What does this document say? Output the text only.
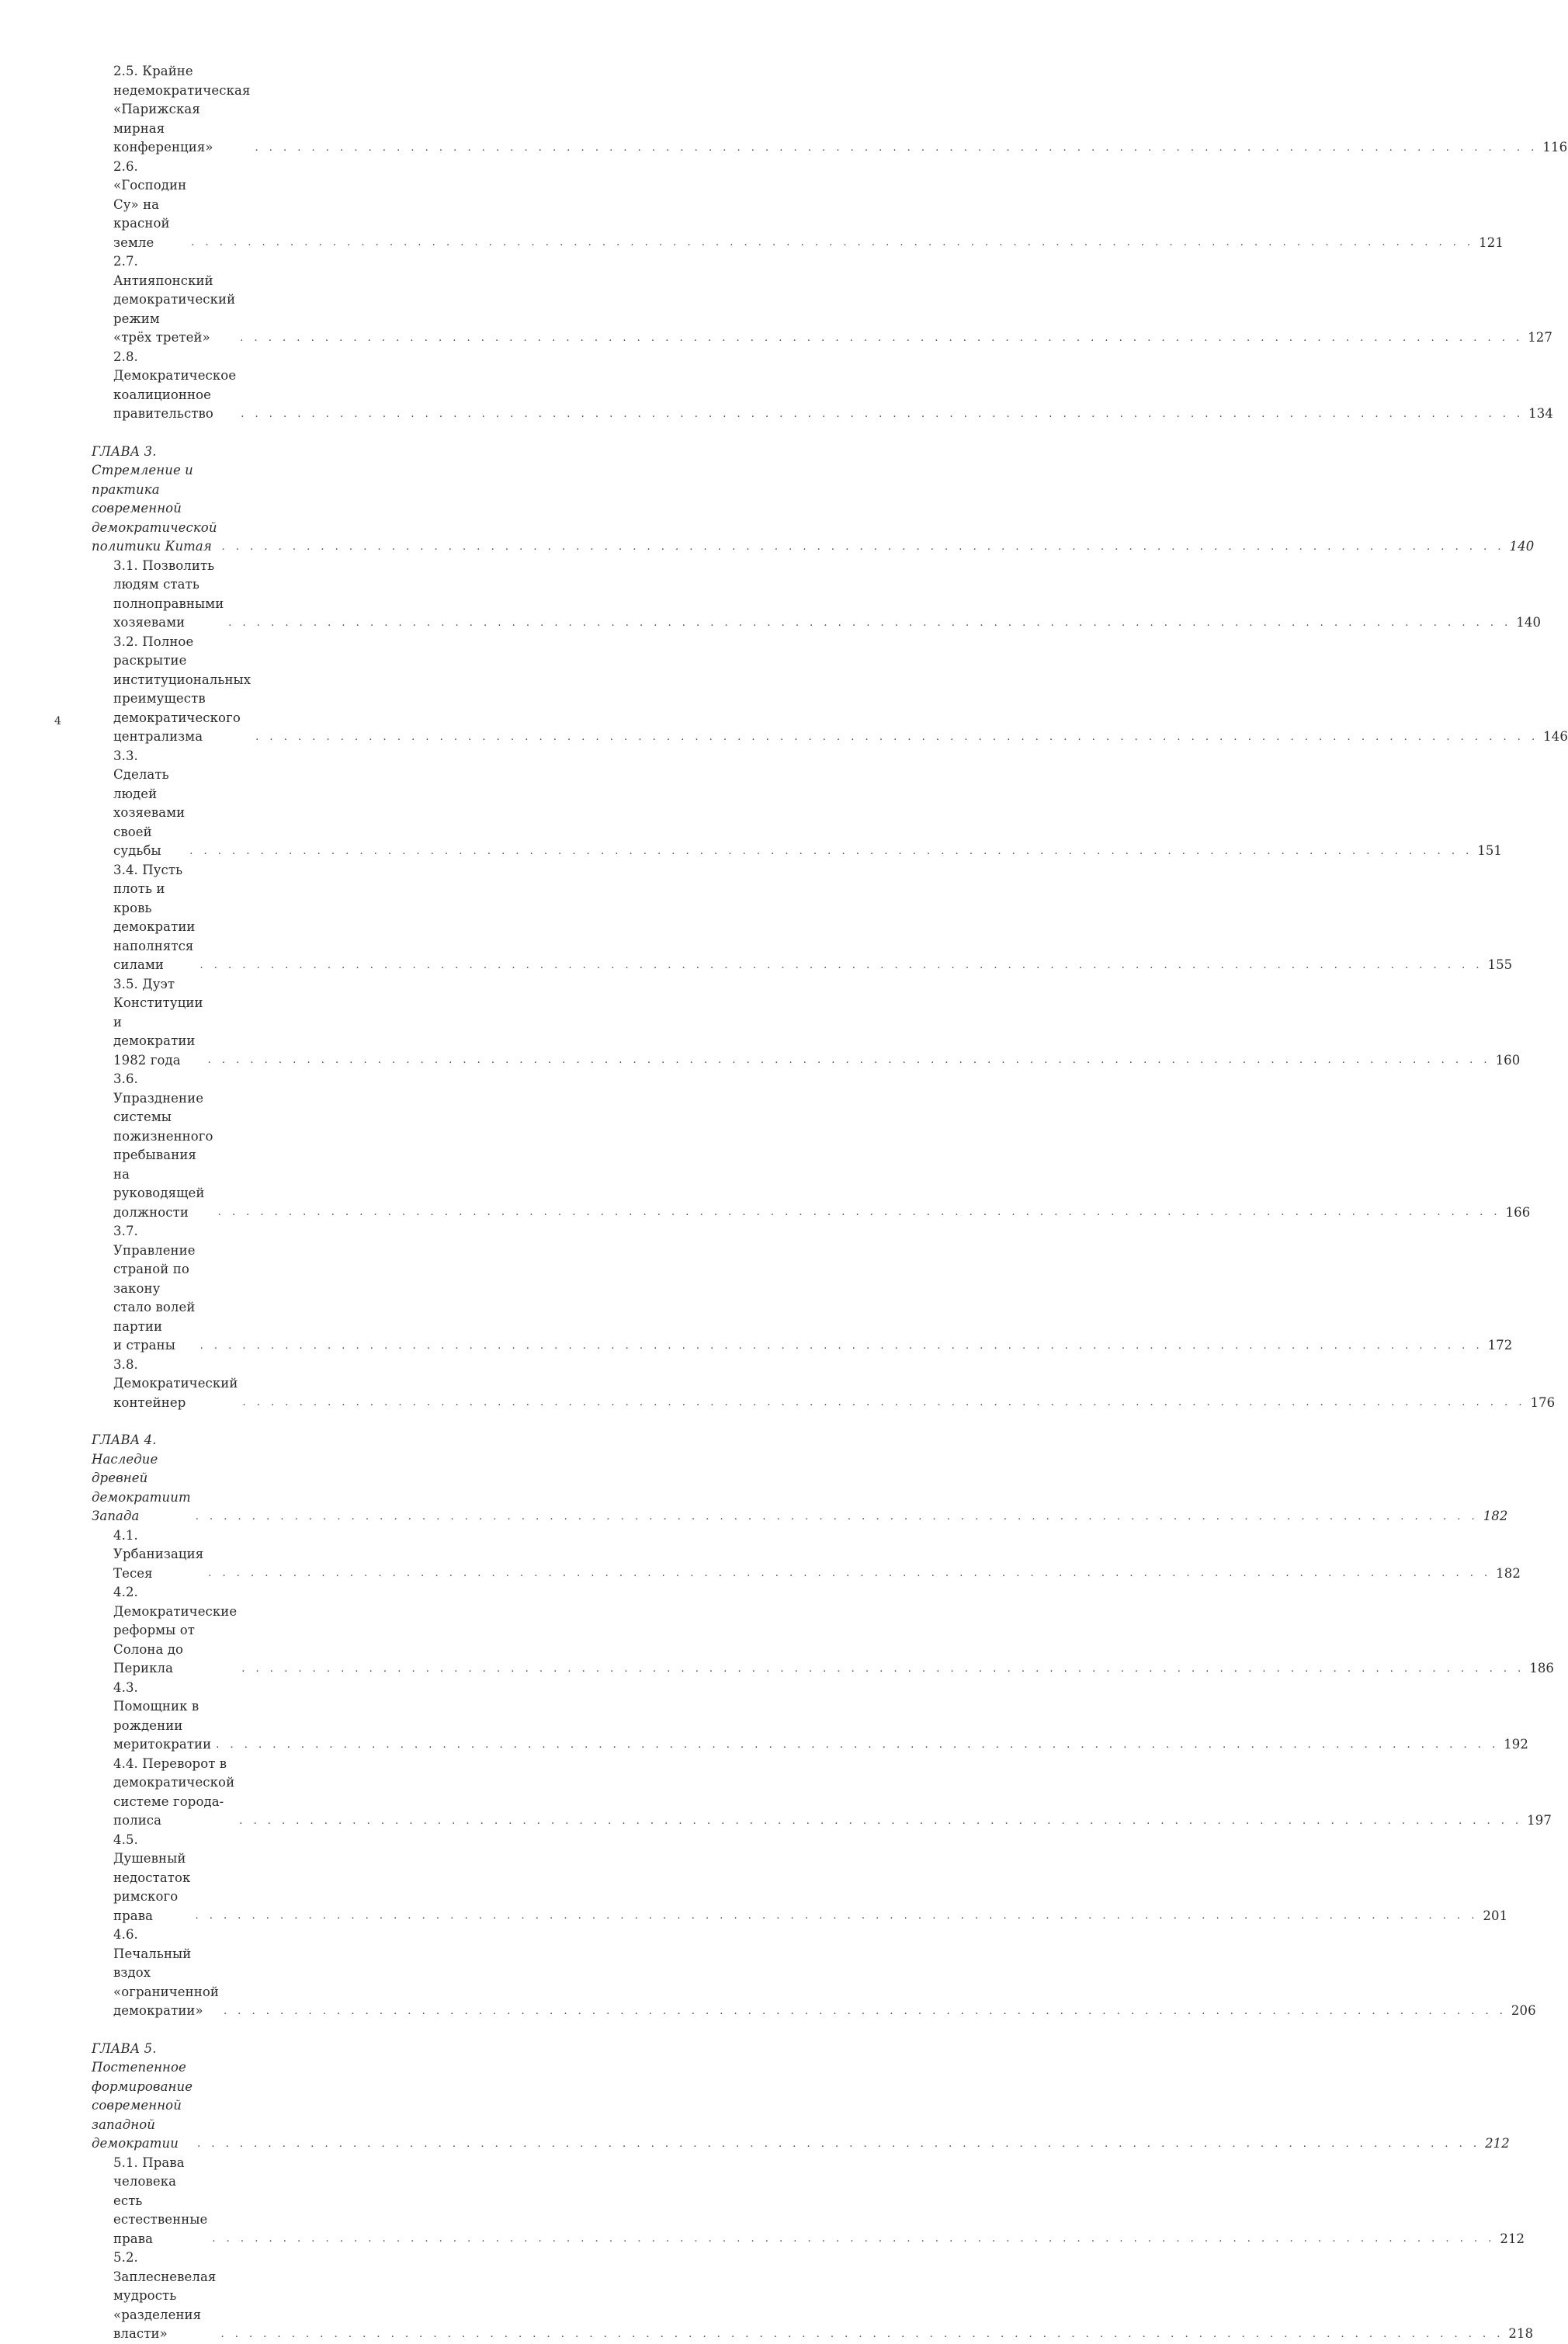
2.5. Крайне недемократическая «Парижская мирная
конференция» . . .	116
2.6. «Господин Су» на красной земле . . .	121
2.7. Антияпонский демократический режим
«трёх третей» . . .	127
2.8. Демократическое коалиционное правительство . . .	134
ГЛАВА 3. Стремление и практика современной демократической
политики Китая . . .	140
3.1. Позволить людям стать полноправными хозяевами . . .	140
3.2. Полное раскрытие институциональных преимуществ
демократического централизма . . .	146
3.3. Сделать людей хозяевами своей судьбы . . .	151
3.4. Пусть плоть и кровь демократии наполнятся силами . . .	155
3.5. Дуэт Конституции и демократии 1982 года . . .	160
3.6. Упразднение системы пожизненного пребывания
на руководящей должности . . .	166
3.7. Управление страной по закону стало волей партии
и страны . . .	172
3.8. Демократический контейнер . . .	176
ГЛАВА 4. Наследие древней демократиит Запада . . .	182
4.1. Урбанизация Тесея . . .	182
4.2. Демократические реформы от Солона до Перикла . . .	186
4.3. Помощник в рождении меритократии . . .	192
4.4. Переворот в демократической системе города-полиса . . .	197
4.5. Душевный недостаток римского права . . .	201
4.6. Печальный вздох «ограниченной демократии» . . .	206
ГЛАВА 5. Постепенное формирование современной западной
демократии . . .	212
5.1. Права человека есть естественные права . . .	212
5.2. Заплесневелая мудрость «разделения власти» . . .	218
4
